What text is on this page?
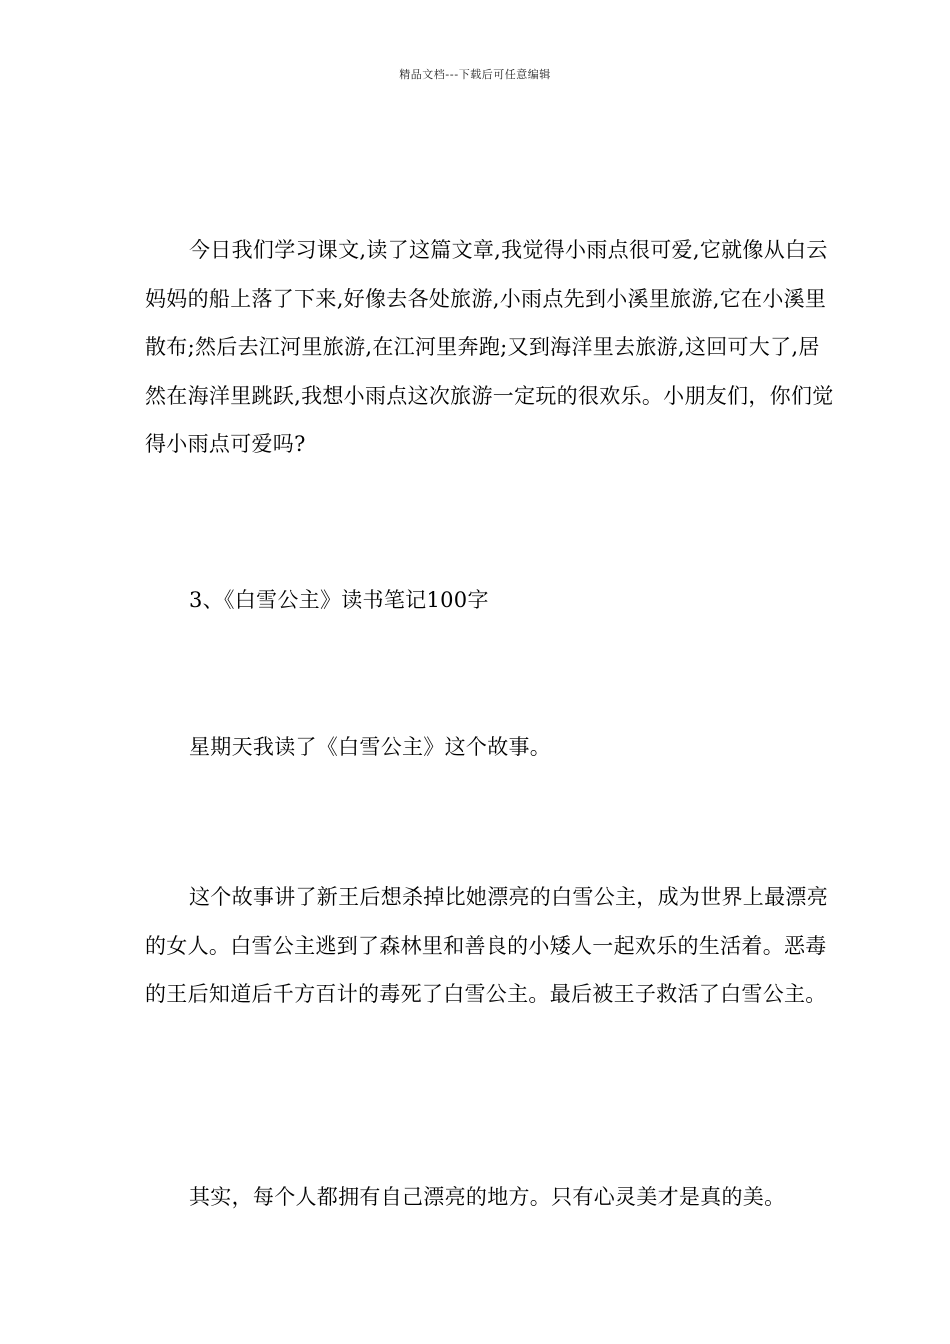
精品文档---下载后可任意编辑

今日我们学习课文,读了这篇文章,我觉得小雨点很可爱,它就像从白云妈妈的船上落了下来,好像去各处旅游,小雨点先到小溪里旅游,它在小溪里散布;然后去江河里旅游,在江河里奔跑;又到海洋里去旅游,这回可大了,居然在海洋里跳跃,我想小雨点这次旅游一定玩的很欢乐。小朋友们，你们觉得小雨点可爱吗?

3、《白雪公主》读书笔记100字

星期天我读了《白雪公主》这个故事。

这个故事讲了新王后想杀掉比她漂亮的白雪公主，成为世界上最漂亮的女人。白雪公主逃到了森林里和善良的小矮人一起欢乐的生活着。恶毒的王后知道后千方百计的毒死了白雪公主。最后被王子救活了白雪公主。

其实，每个人都拥有自己漂亮的地方。只有心灵美才是真的美。
